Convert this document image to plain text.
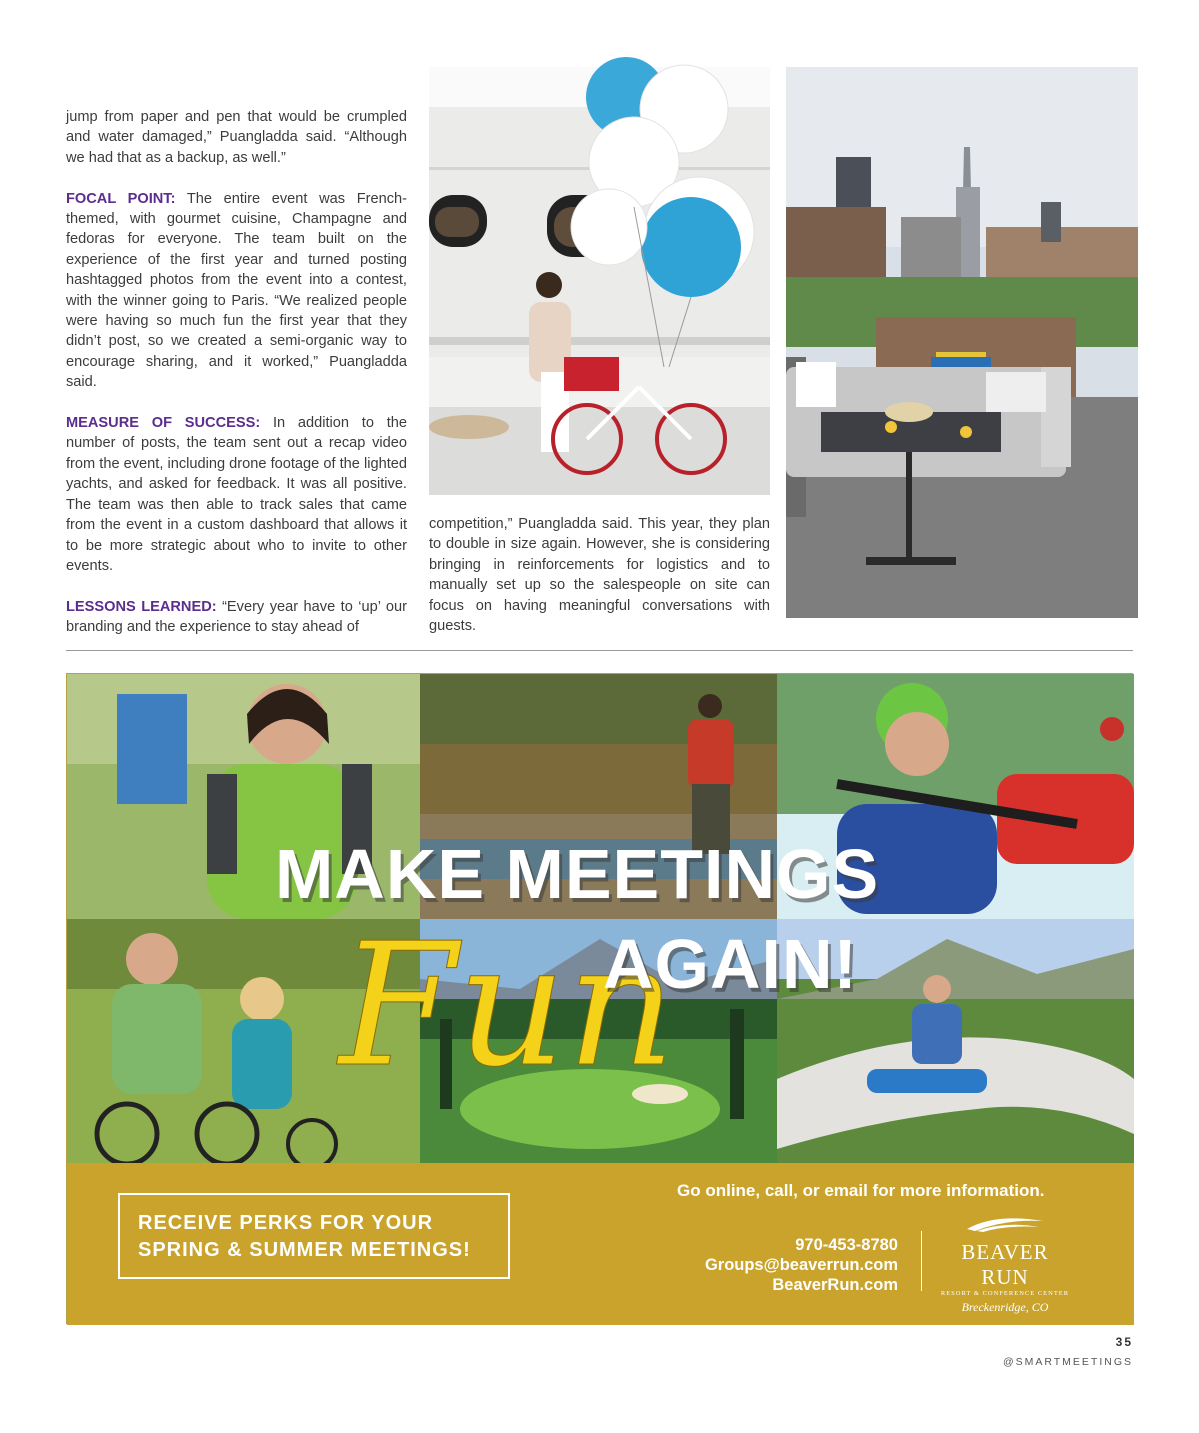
jump from paper and pen that would be crumpled and water damaged,” Puangladda said. “Although we had that as a backup, as well.”

FOCAL POINT: The entire event was French-themed, with gourmet cuisine, Champagne and fedoras for everyone. The team built on the experience of the first year and turned posting hashtagged photos from the event into a contest, with the winner going to Paris. “We realized people were having so much fun the first year that they didn’t post, so we created a semi-organic way to encourage sharing, and it worked,” Puangladda said.

MEASURE OF SUCCESS: In addition to the number of posts, the team sent out a recap video from the event, including drone footage of the lighted yachts, and asked for feedback. It was all positive. The team was then able to track sales that came from the event in a custom dashboard that allows it to be more strategic about who to invite to other events.

LESSONS LEARNED: “Every year have to ‘up’ our branding and the experience to stay ahead of

competition,” Puangladda said. This year, they plan to double in size again. However, she is considering bringing in reinforcements for logistics and to manually set up so the salespeople on site can focus on having meaningful conversations with guests.

MAKE MEETINGS
Fun
AGAIN!
RECEIVE PERKS FOR YOUR SPRING & SUMMER MEETINGS!
Go online, call, or email for more information.
970-453-8780
Groups@beaverrun.com
BeaverRun.com
BEAVER RUN
RESORT & CONFERENCE CENTER
Breckenridge, CO
35
@SMARTMEETINGS
